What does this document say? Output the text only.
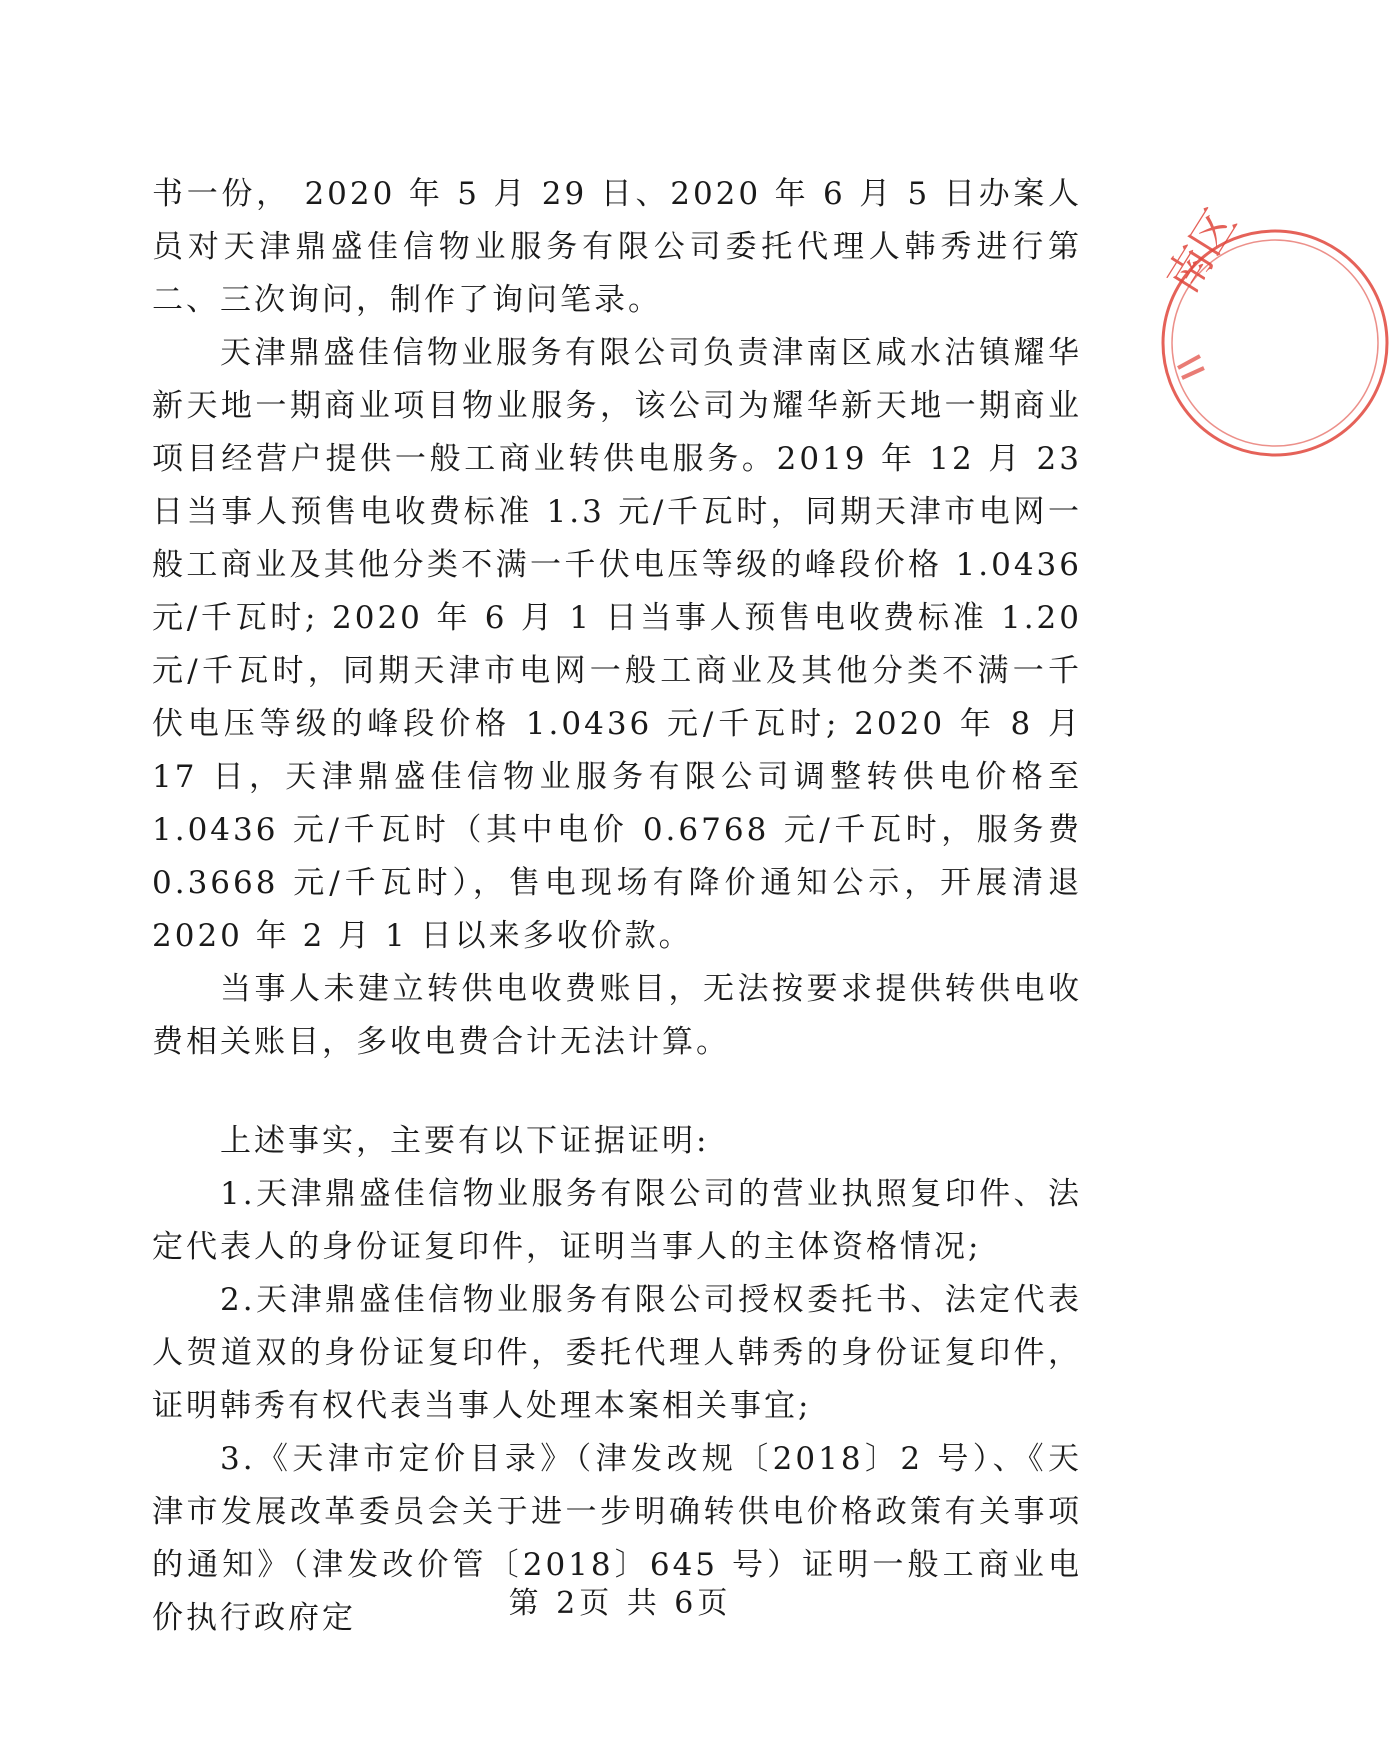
书一份， 2020 年 5 月 29 日、2020 年 6 月 5 日办案人员对天津鼎盛佳信物业服务有限公司委托代理人韩秀进行第二、三次询问，制作了询问笔录。

天津鼎盛佳信物业服务有限公司负责津南区咸水沽镇耀华新天地一期商业项目物业服务，该公司为耀华新天地一期商业项目经营户提供一般工商业转供电服务。2019 年 12 月 23 日当事人预售电收费标准 1.3 元/千瓦时，同期天津市电网一般工商业及其他分类不满一千伏电压等级的峰段价格 1.0436 元/千瓦时; 2020 年 6 月 1 日当事人预售电收费标准 1.20 元/千瓦时，同期天津市电网一般工商业及其他分类不满一千伏电压等级的峰段价格 1.0436 元/千瓦时; 2020 年 8 月 17 日，天津鼎盛佳信物业服务有限公司调整转供电价格至 1.0436 元/千瓦时（其中电价 0.6768 元/千瓦时，服务费 0.3668 元/千瓦时），售电现场有降价通知公示，开展清退 2020 年 2 月 1 日以来多收价款。

当事人未建立转供电收费账目，无法按要求提供转供电收费相关账目，多收电费合计无法计算。

上述事实，主要有以下证据证明:

1.天津鼎盛佳信物业服务有限公司的营业执照复印件、法定代表人的身份证复印件，证明当事人的主体资格情况;

2.天津鼎盛佳信物业服务有限公司授权委托书、法定代表人贺道双的身份证复印件，委托代理人韩秀的身份证复印件，证明韩秀有权代表当事人处理本案相关事宜;

3.《天津市定价目录》（津发改规〔2018〕2 号）、《天津市发展改革委员会关于进一步明确转供电价格政策有关事项的通知》（津发改价管〔2018〕645 号）证明一般工商业电价执行政府定	第 2页 共 6页

南区
